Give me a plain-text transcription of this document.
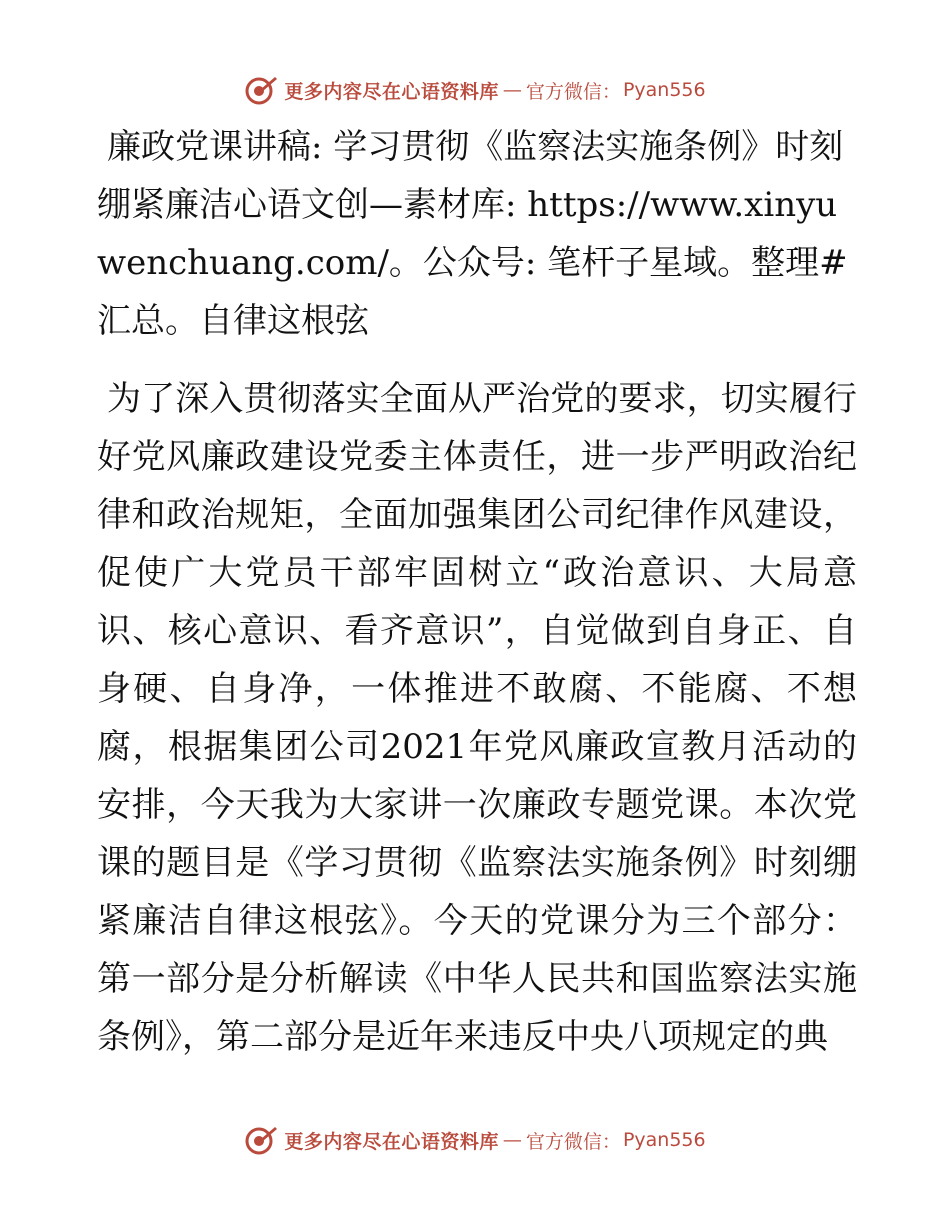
更多内容尽在心语资料库 — 官方微信： Pyan556
廉政党课讲稿: 学习贯彻《监察法实施条例》时刻绷紧廉洁心语文创—素材库: https://www.xinyuwenchuang.com/。公众号: 笔杆子星域。整理#汇总。自律这根弦

为了深入贯彻落实全面从严治党的要求，切实履行好党风廉政建设党委主体责任，进一步严明政治纪律和政治规矩，全面加强集团公司纪律作风建设，促使广大党员干部牢固树立“政治意识、大局意识、核心意识、看齐意识”，自觉做到自身正、自身硬、自身净，一体推进不敢腐、不能腐、不想腐，根据集团公司2021年党风廉政宣教月活动的安排，今天我为大家讲一次廉政专题党课。本次党课的题目是《学习贯彻《监察法实施条例》时刻绷紧廉洁自律这根弦》。今天的党课分为三个部分：第一部分是分析解读《中华人民共和国监察法实施条例》，第二部分是近年来违反中央八项规定的典

更多内容尽在心语资料库 — 官方微信： Pyan556
